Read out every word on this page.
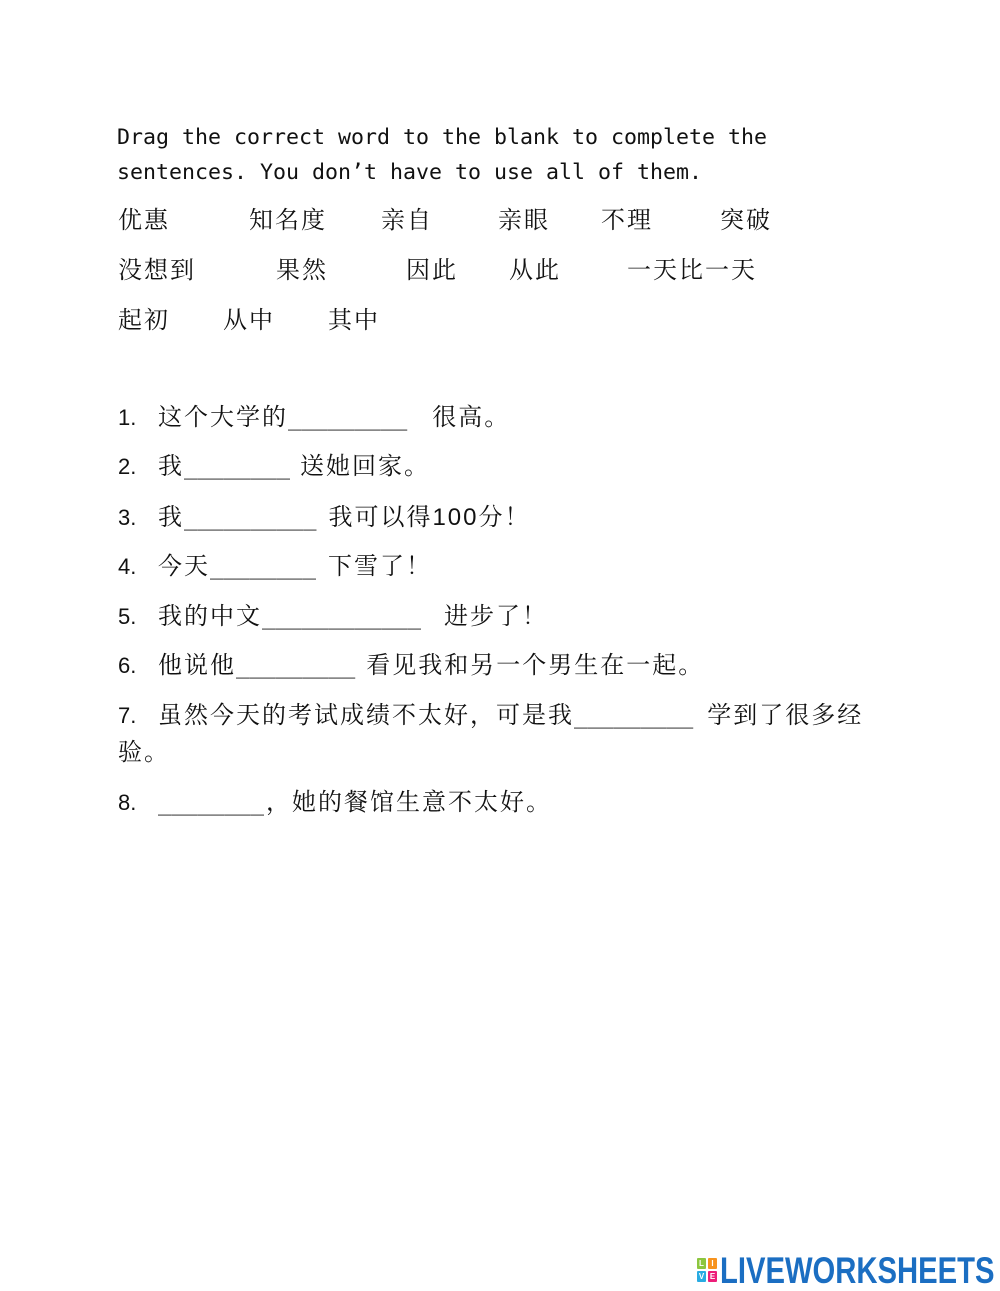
Drag the correct word to the blank to complete the sentences. You don’t have to use all of them.
优惠	知名度 亲自	亲眼 不理	突破
没想到	果然	因此 从此	一天比一天
起初 从中 其中
1. 这个大学的_________ 很高。
2. 我________ 送她回家。
3. 我__________ 我可以得100分！
4. 今天________ 下雪了！
5. 我的中文____________ 进步了！
6. 他说他_________ 看见我和另一个男生在一起。
7. 虽然今天的考试成绩不太好，可是我_________ 学到了很多经验。
8. ________，她的餐馆生意不太好。
L I
V E LIVEWORKSHEETS
